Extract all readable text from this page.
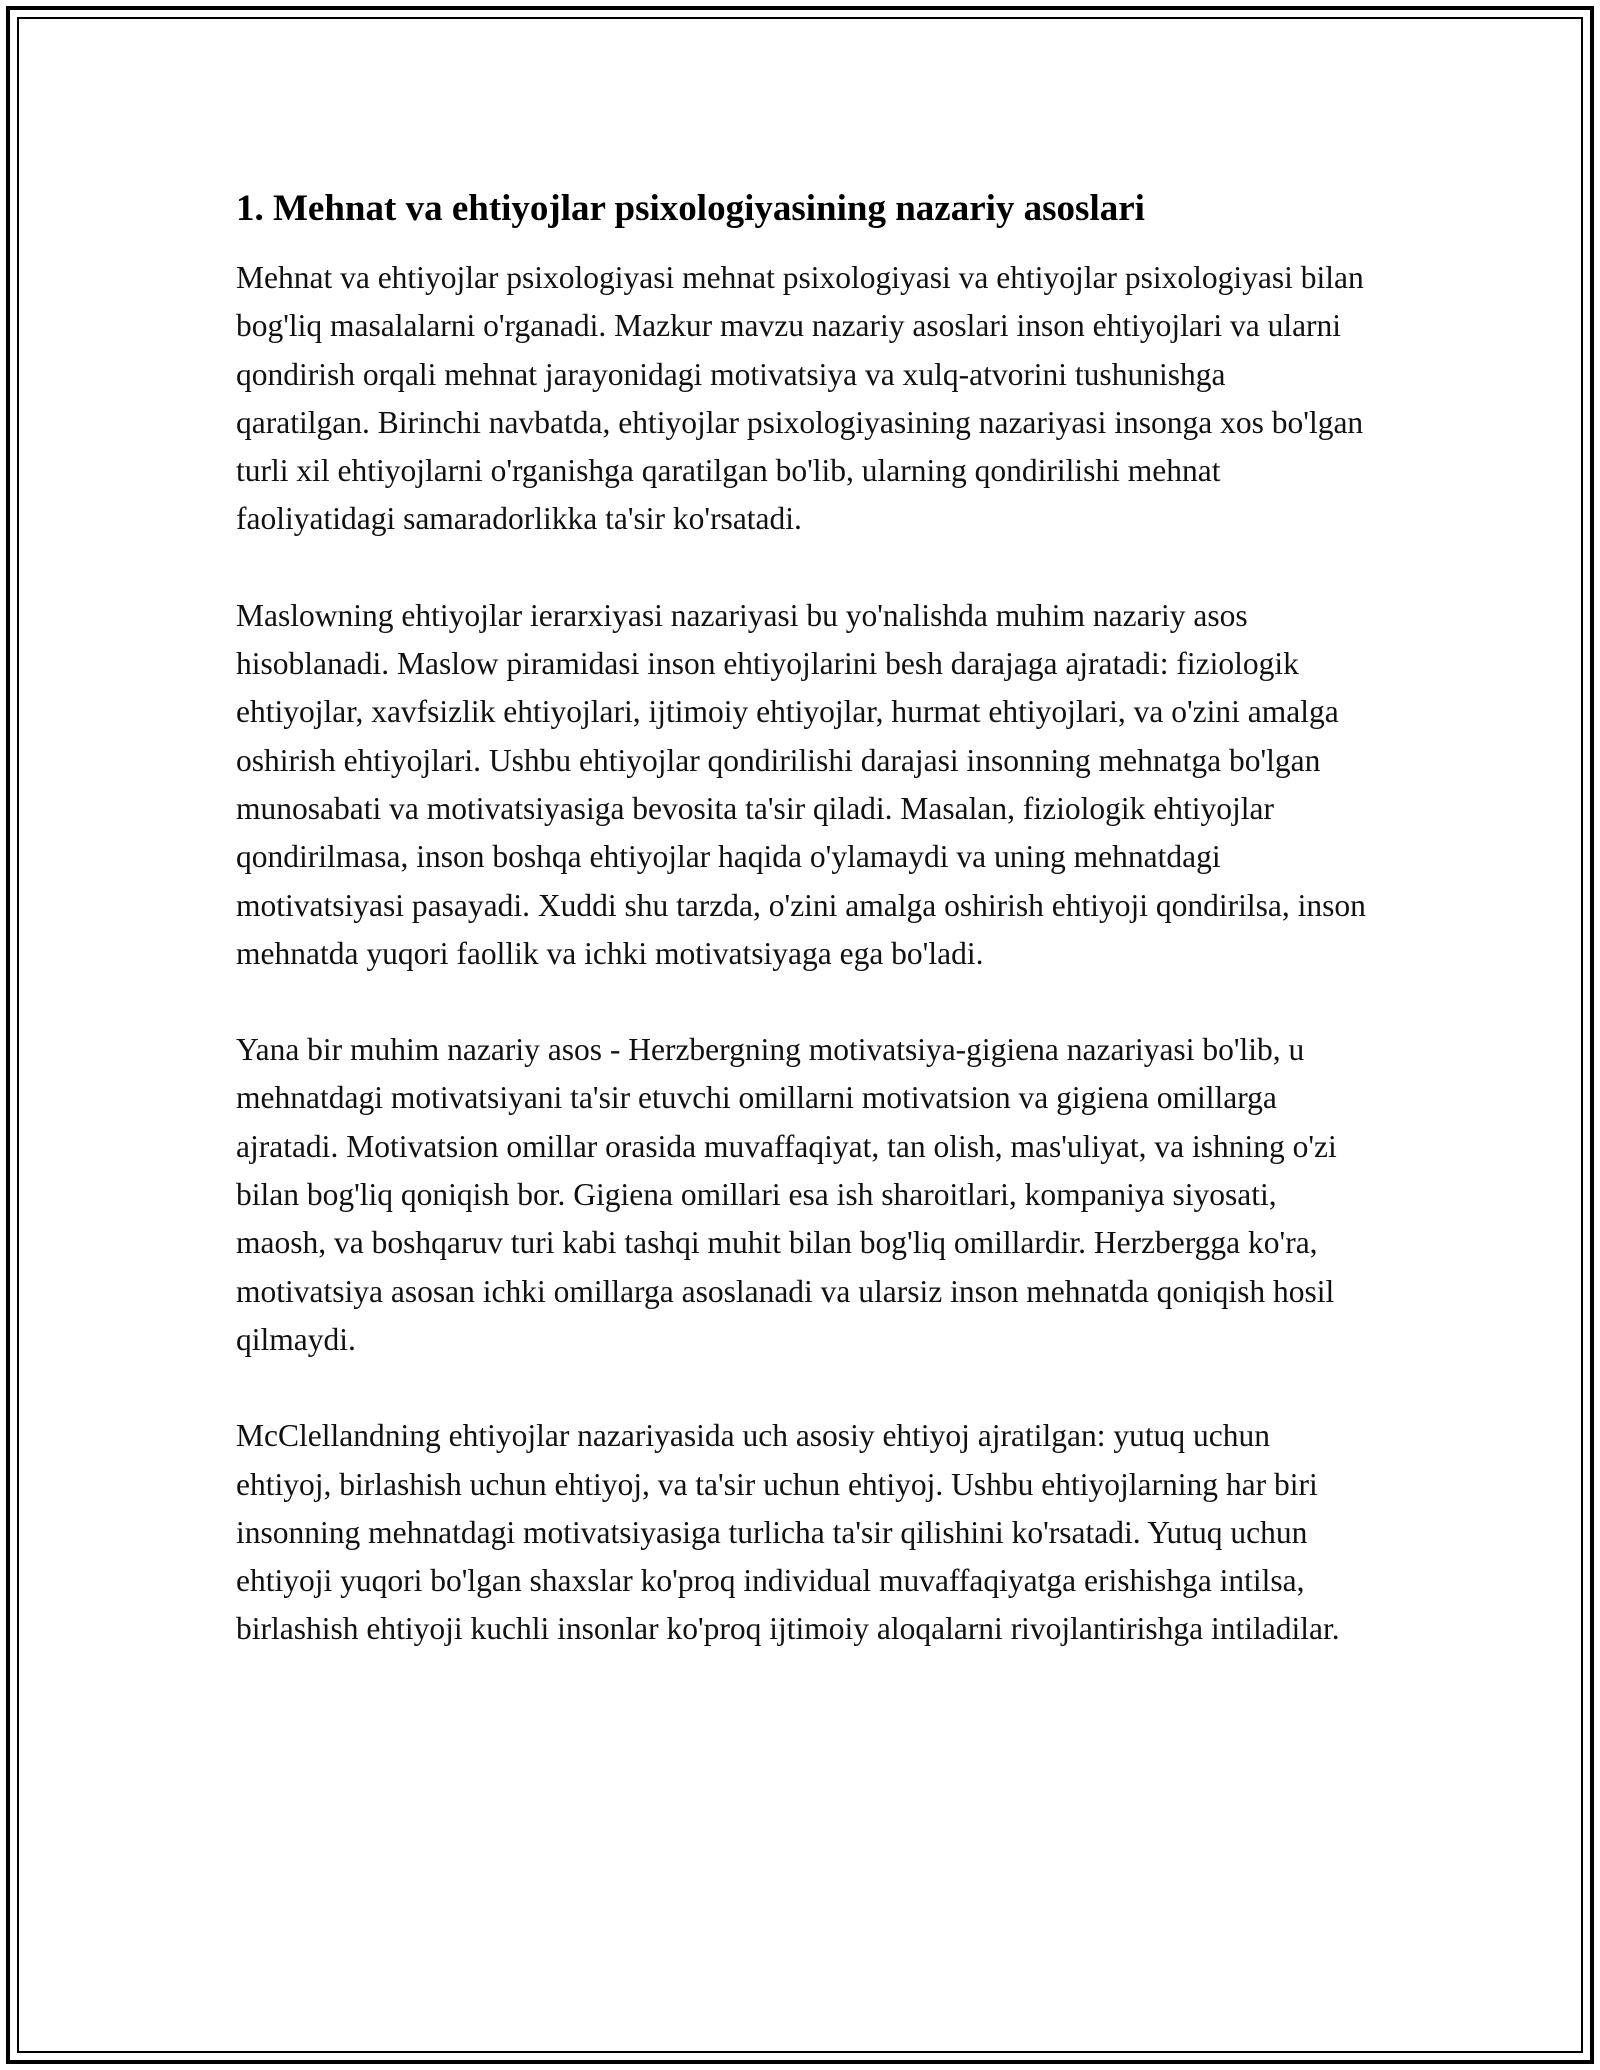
1. Mehnat va ehtiyojlar psixologiyasining nazariy asoslari

Mehnat va ehtiyojlar psixologiyasi mehnat psixologiyasi va ehtiyojlar psixologiyasi bilan bog'liq masalalarni o'rganadi. Mazkur mavzu nazariy asoslari inson ehtiyojlari va ularni qondirish orqali mehnat jarayonidagi motivatsiya va xulq-atvorini tushunishga qaratilgan. Birinchi navbatda, ehtiyojlar psixologiyasining nazariyasi insonga xos bo'lgan turli xil ehtiyojlarni o'rganishga qaratilgan bo'lib, ularning qondirilishi mehnat faoliyatidagi samaradorlikka ta'sir ko'rsatadi.

Maslowning ehtiyojlar ierarxiyasi nazariyasi bu yo'nalishda muhim nazariy asos hisoblanadi. Maslow piramidasi inson ehtiyojlarini besh darajaga ajratadi: fiziologik ehtiyojlar, xavfsizlik ehtiyojlari, ijtimoiy ehtiyojlar, hurmat ehtiyojlari, va o'zini amalga oshirish ehtiyojlari. Ushbu ehtiyojlar qondirilishi darajasi insonning mehnatga bo'lgan munosabati va motivatsiyasiga bevosita ta'sir qiladi. Masalan, fiziologik ehtiyojlar qondirilmasa, inson boshqa ehtiyojlar haqida o'ylamaydi va uning mehnatdagi motivatsiyasi pasayadi. Xuddi shu tarzda, o'zini amalga oshirish ehtiyoji qondirilsa, inson mehnatda yuqori faollik va ichki motivatsiyaga ega bo'ladi.

Yana bir muhim nazariy asos - Herzbergning motivatsiya-gigiena nazariyasi bo'lib, u mehnatdagi motivatsiyani ta'sir etuvchi omillarni motivatsion va gigiena omillarga ajratadi. Motivatsion omillar orasida muvaffaqiyat, tan olish, mas'uliyat, va ishning o'zi bilan bog'liq qoniqish bor. Gigiena omillari esa ish sharoitlari, kompaniya siyosati, maosh, va boshqaruv turi kabi tashqi muhit bilan bog'liq omillardir. Herzbergga ko'ra, motivatsiya asosan ichki omillarga asoslanadi va ularsiz inson mehnatda qoniqish hosil qilmaydi.

McClellandning ehtiyojlar nazariyasida uch asosiy ehtiyoj ajratilgan: yutuq uchun ehtiyoj, birlashish uchun ehtiyoj, va ta'sir uchun ehtiyoj. Ushbu ehtiyojlarning har biri insonning mehnatdagi motivatsiyasiga turlicha ta'sir qilishini ko'rsatadi. Yutuq uchun ehtiyoji yuqori bo'lgan shaxslar ko'proq individual muvaffaqiyatga erishishga intilsa, birlashish ehtiyoji kuchli insonlar ko'proq ijtimoiy aloqalarni rivojlantirishga intiladilar.
